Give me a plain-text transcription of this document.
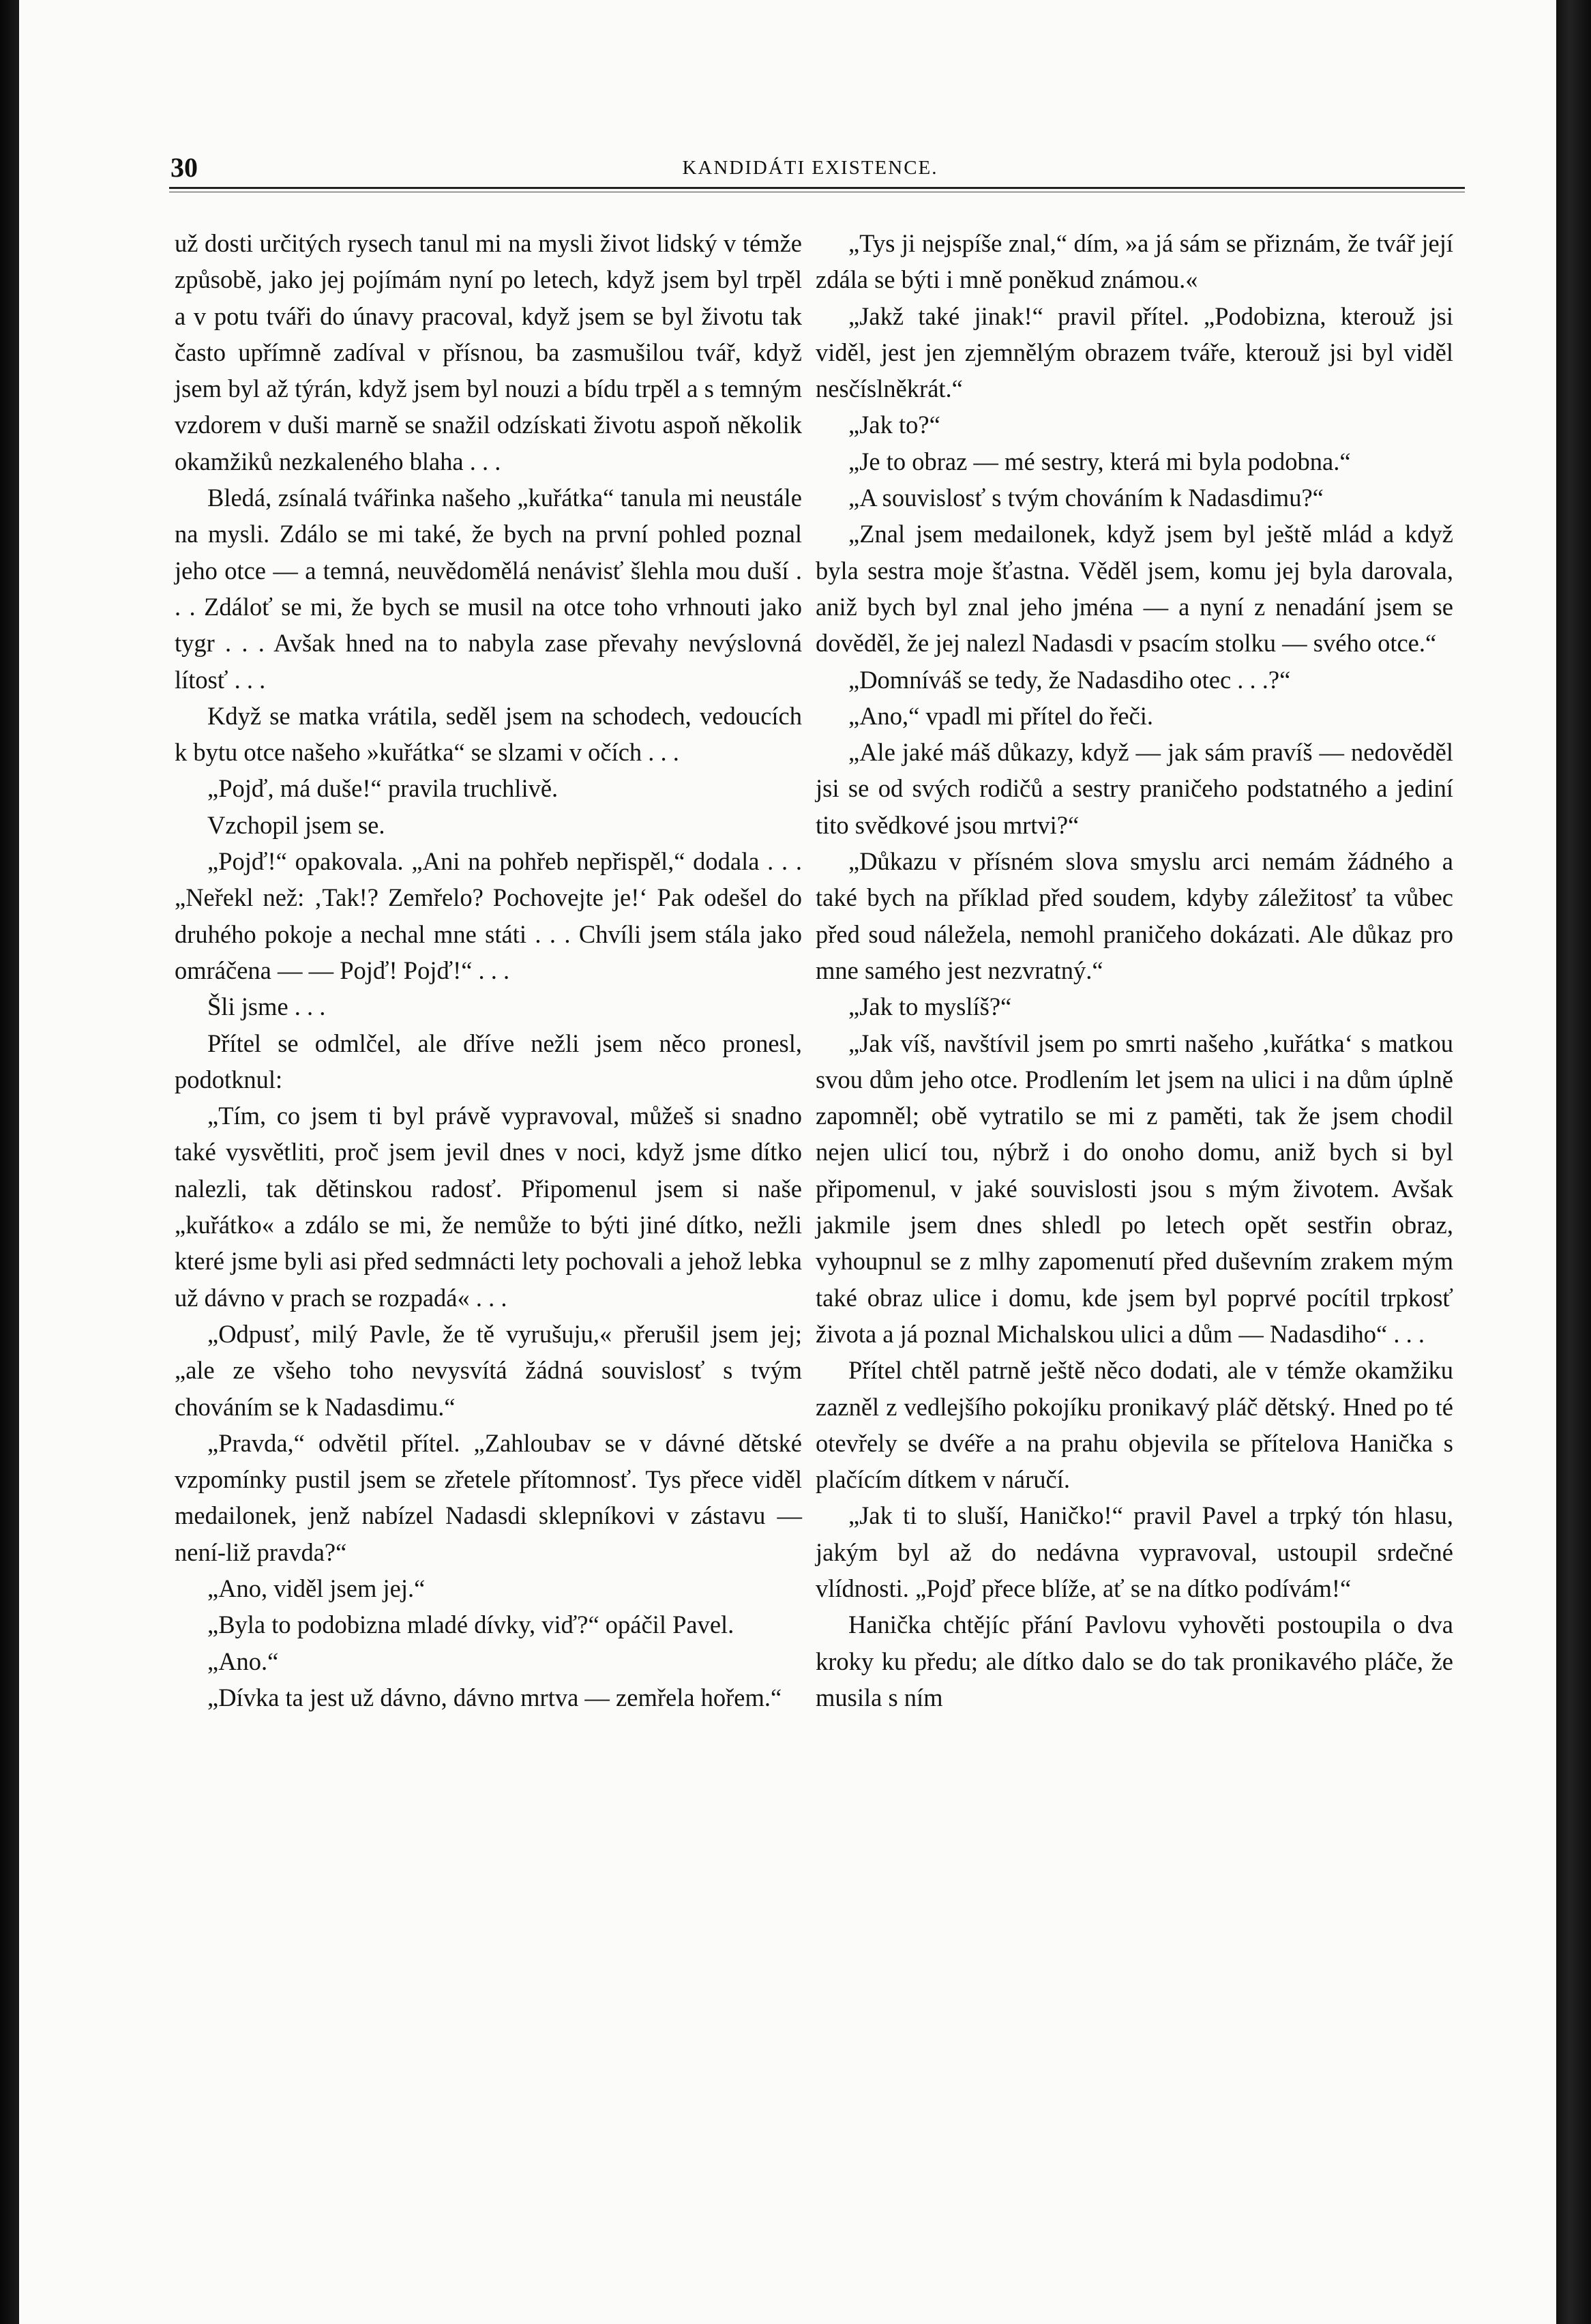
30	KANDIDÁTI EXISTENCE.

už dosti určitých rysech tanul mi na mysli život lidský v témže způsobě, jako jej pojímám nyní po letech, když jsem byl trpěl a v potu tváři do únavy pracoval, když jsem se byl životu tak často upřímně zadíval v přísnou, ba zasmušilou tvář, když jsem byl až týrán, když jsem byl nouzi a bídu trpěl a s temným vzdorem v duši marně se snažil odzískati životu aspoň několik okamžiků nezkaleného blaha . . .

Bledá, zsínalá tvářinka našeho „kuřátka“ tanula mi neustále na mysli. Zdálo se mi také, že bych na první pohled poznal jeho otce — a temná, neuvědomělá nenávisť šlehla mou duší . . . Zdáloť se mi, že bych se musil na otce toho vrhnouti jako tygr . . . Avšak hned na to nabyla zase převahy nevýslovná lítosť . . .

Když se matka vrátila, seděl jsem na schodech, vedoucích k bytu otce našeho »kuřátka“ se slzami v očích . . .

„Pojď, má duše!“ pravila truchlivě.

Vzchopil jsem se.

„Pojď!“ opakovala. „Ani na pohřeb nepřispěl,“ dodala . . . „Neřekl než: ‚Tak!? Zemřelo? Pochovejte je!‘ Pak odešel do druhého pokoje a nechal mne státi . . . Chvíli jsem stála jako omráčena — — Pojď! Pojď!“ . . .

Šli jsme . . .

Přítel se odmlčel, ale dříve nežli jsem něco pronesl, podotknul:

„Tím, co jsem ti byl právě vypravoval, můžeš si snadno také vysvětliti, proč jsem jevil dnes v noci, když jsme dítko nalezli, tak dětinskou radosť. Připomenul jsem si naše „kuřátko« a zdálo se mi, že nemůže to býti jiné dítko, nežli které jsme byli asi před sedmnácti lety pochovali a jehož lebka už dávno v prach se rozpadá« . . .

„Odpusť, milý Pavle, že tě vyrušuju,« přerušil jsem jej; „ale ze všeho toho nevysvítá žádná souvislosť s tvým chováním se k Nadasdimu.“

„Pravda,“ odvětil přítel. „Zahloubav se v dávné dětské vzpomínky pustil jsem se zřetele přítomnosť. Tys přece viděl medailonek, jenž nabízel Nadasdi sklepníkovi v zástavu — není-liž pravda?“

„Ano, viděl jsem jej.“

„Byla to podobizna mladé dívky, viď?“ opáčil Pavel.

„Ano.“

„Dívka ta jest už dávno, dávno mrtva — zemřela hořem.“

„Tys ji nejspíše znal,“ dím, »a já sám se přiznám, že tvář její zdála se býti i mně poněkud známou.«

„Jakž také jinak!“ pravil přítel. „Podobizna, kterouž jsi viděl, jest jen zjemnělým obrazem tváře, kterouž jsi byl viděl nesčíslněkrát.“

„Jak to?“

„Je to obraz — mé sestry, která mi byla podobna.“

„A souvislosť s tvým chováním k Nadasdimu?“

„Znal jsem medailonek, když jsem byl ještě mlád a když byla sestra moje šťastna. Věděl jsem, komu jej byla darovala, aniž bych byl znal jeho jména — a nyní z nenadání jsem se dověděl, že jej nalezl Nadasdi v psacím stolku — svého otce.“

„Domníváš se tedy, že Nadasdiho otec . . .?“

„Ano,“ vpadl mi přítel do řeči.

„Ale jaké máš důkazy, když — jak sám pravíš — nedověděl jsi se od svých rodičů a sestry praničeho podstatného a jediní tito svědkové jsou mrtvi?“

„Důkazu v přísném slova smyslu arci nemám žádného a také bych na příklad před soudem, kdyby záležitosť ta vůbec před soud náležela, nemohl praničeho dokázati. Ale důkaz pro mne samého jest nezvratný.“

„Jak to myslíš?“

„Jak víš, navštívil jsem po smrti našeho ‚kuřátka‘ s matkou svou dům jeho otce. Prodlením let jsem na ulici i na dům úplně zapomněl; obě vytratilo se mi z paměti, tak že jsem chodil nejen ulicí tou, nýbrž i do onoho domu, aniž bych si byl připomenul, v jaké souvislosti jsou s mým životem. Avšak jakmile jsem dnes shledl po letech opět sestřin obraz, vyhoupnul se z mlhy zapomenutí před duševním zrakem mým také obraz ulice i domu, kde jsem byl poprvé pocítil trpkosť života a já poznal Michalskou ulici a dům — Nadasdiho“ . . .

Přítel chtěl patrně ještě něco dodati, ale v témže okamžiku zazněl z vedlejšího pokojíku pronikavý pláč dětský. Hned po té otevřely se dvéře a na prahu objevila se přítelova Hanička s plačícím dítkem v náručí.

„Jak ti to sluší, Haničko!“ pravil Pavel a trpký tón hlasu, jakým byl až do nedávna vypravoval, ustoupil srdečné vlídnosti. „Pojď přece blíže, ať se na dítko podívám!“

Hanička chtějíc přání Pavlovu vyhověti postoupila o dva kroky ku předu; ale dítko dalo se do tak pronikavého pláče, že musila s ním
